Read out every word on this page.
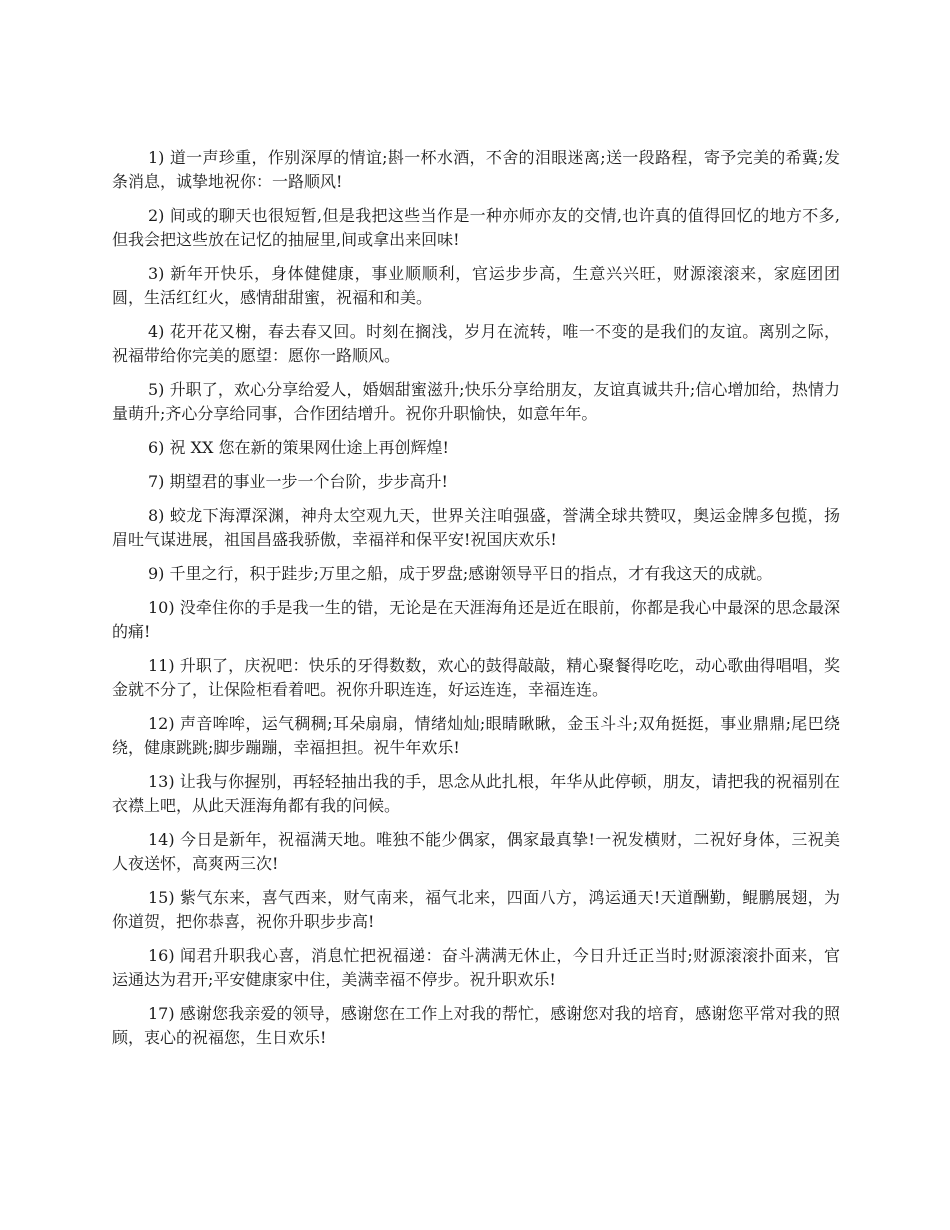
1) 道一声珍重，作别深厚的情谊;斟一杯水酒，不舍的泪眼迷离;送一段路程，寄予完美的希冀;发条消息，诚挚地祝你：一路顺风!

2) 间或的聊天也很短暂,但是我把这些当作是一种亦师亦友的交情,也许真的值得回忆的地方不多,但我会把这些放在记忆的抽屉里,间或拿出来回味!

3) 新年开快乐，身体健健康，事业顺顺利，官运步步高，生意兴兴旺，财源滚滚来，家庭团团圆，生活红红火，感情甜甜蜜，祝福和和美。

4) 花开花又榭，春去春又回。时刻在搁浅，岁月在流转，唯一不变的是我们的友谊。离别之际，祝福带给你完美的愿望：愿你一路顺风。

5) 升职了，欢心分享给爱人，婚姻甜蜜滋升;快乐分享给朋友，友谊真诚共升;信心增加给，热情力量萌升;齐心分享给同事，合作团结增升。祝你升职愉快，如意年年。

6) 祝 XX 您在新的策果网仕途上再创辉煌!

7) 期望君的事业一步一个台阶，步步高升!

8) 蛟龙下海潭深渊，神舟太空观九天，世界关注咱强盛，誉满全球共赞叹，奥运金牌多包揽，扬眉吐气谋进展，祖国昌盛我骄傲，幸福祥和保平安!祝国庆欢乐!

9) 千里之行，积于跬步;万里之船，成于罗盘;感谢领导平日的指点，才有我这天的成就。

10) 没牵住你的手是我一生的错，无论是在天涯海角还是近在眼前，你都是我心中最深的思念最深的痛!

11) 升职了，庆祝吧：快乐的牙得数数，欢心的鼓得敲敲，精心聚餐得吃吃，动心歌曲得唱唱，奖金就不分了，让保险柜看着吧。祝你升职连连，好运连连，幸福连连。

12) 声音哞哞，运气稠稠;耳朵扇扇，情绪灿灿;眼睛瞅瞅，金玉斗斗;双角挺挺，事业鼎鼎;尾巴绕绕，健康跳跳;脚步蹦蹦，幸福担担。祝牛年欢乐!

13) 让我与你握别，再轻轻抽出我的手，思念从此扎根，年华从此停顿，朋友，请把我的祝福别在衣襟上吧，从此天涯海角都有我的问候。

14) 今日是新年，祝福满天地。唯独不能少偶家，偶家最真挚!一祝发横财，二祝好身体，三祝美人夜送怀，高爽两三次!

15) 紫气东来，喜气西来，财气南来，福气北来，四面八方，鸿运通天!天道酬勤，鲲鹏展翅，为你道贺，把你恭喜，祝你升职步步高!

16) 闻君升职我心喜，消息忙把祝福递：奋斗满满无休止，今日升迁正当时;财源滚滚扑面来，官运通达为君开;平安健康家中住，美满幸福不停步。祝升职欢乐!

17) 感谢您我亲爱的领导，感谢您在工作上对我的帮忙，感谢您对我的培育，感谢您平常对我的照顾，衷心的祝福您，生日欢乐!
